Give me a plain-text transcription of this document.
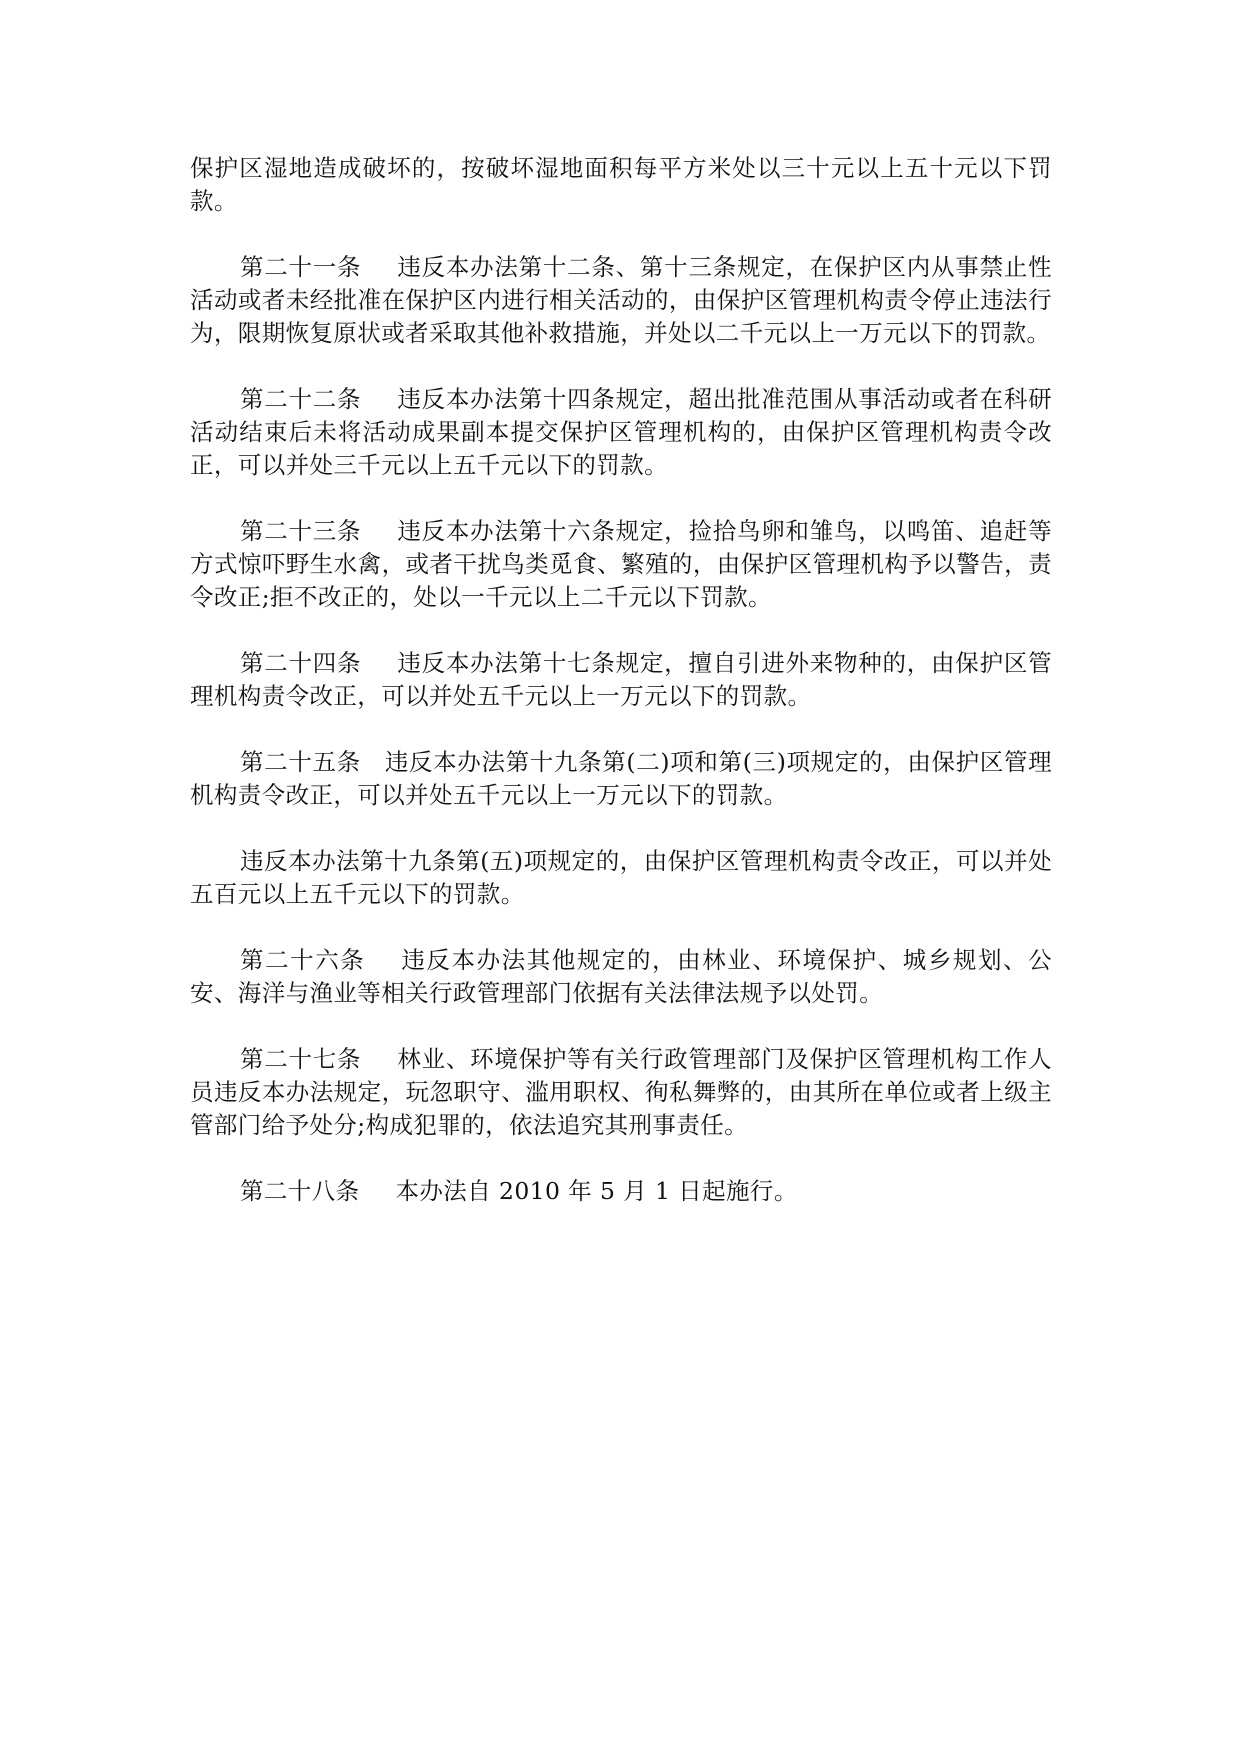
保护区湿地造成破坏的，按破坏湿地面积每平方米处以三十元以上五十元以下罚款。

第二十一条 违反本办法第十二条、第十三条规定，在保护区内从事禁止性活动或者未经批准在保护区内进行相关活动的，由保护区管理机构责令停止违法行为，限期恢复原状或者采取其他补救措施，并处以二千元以上一万元以下的罚款。

第二十二条 违反本办法第十四条规定，超出批准范围从事活动或者在科研活动结束后未将活动成果副本提交保护区管理机构的，由保护区管理机构责令改正，可以并处三千元以上五千元以下的罚款。

第二十三条 违反本办法第十六条规定，捡拾鸟卵和雏鸟，以鸣笛、追赶等方式惊吓野生水禽，或者干扰鸟类觅食、繁殖的，由保护区管理机构予以警告，责令改正;拒不改正的，处以一千元以上二千元以下罚款。

第二十四条 违反本办法第十七条规定，擅自引进外来物种的，由保护区管理机构责令改正，可以并处五千元以上一万元以下的罚款。

第二十五条 违反本办法第十九条第(二)项和第(三)项规定的，由保护区管理机构责令改正，可以并处五千元以上一万元以下的罚款。

违反本办法第十九条第(五)项规定的，由保护区管理机构责令改正，可以并处五百元以上五千元以下的罚款。

第二十六条 违反本办法其他规定的，由林业、环境保护、城乡规划、公安、海洋与渔业等相关行政管理部门依据有关法律法规予以处罚。

第二十七条 林业、环境保护等有关行政管理部门及保护区管理机构工作人员违反本办法规定，玩忽职守、滥用职权、徇私舞弊的，由其所在单位或者上级主管部门给予处分;构成犯罪的，依法追究其刑事责任。

第二十八条 本办法自 2010 年 5 月 1 日起施行。
